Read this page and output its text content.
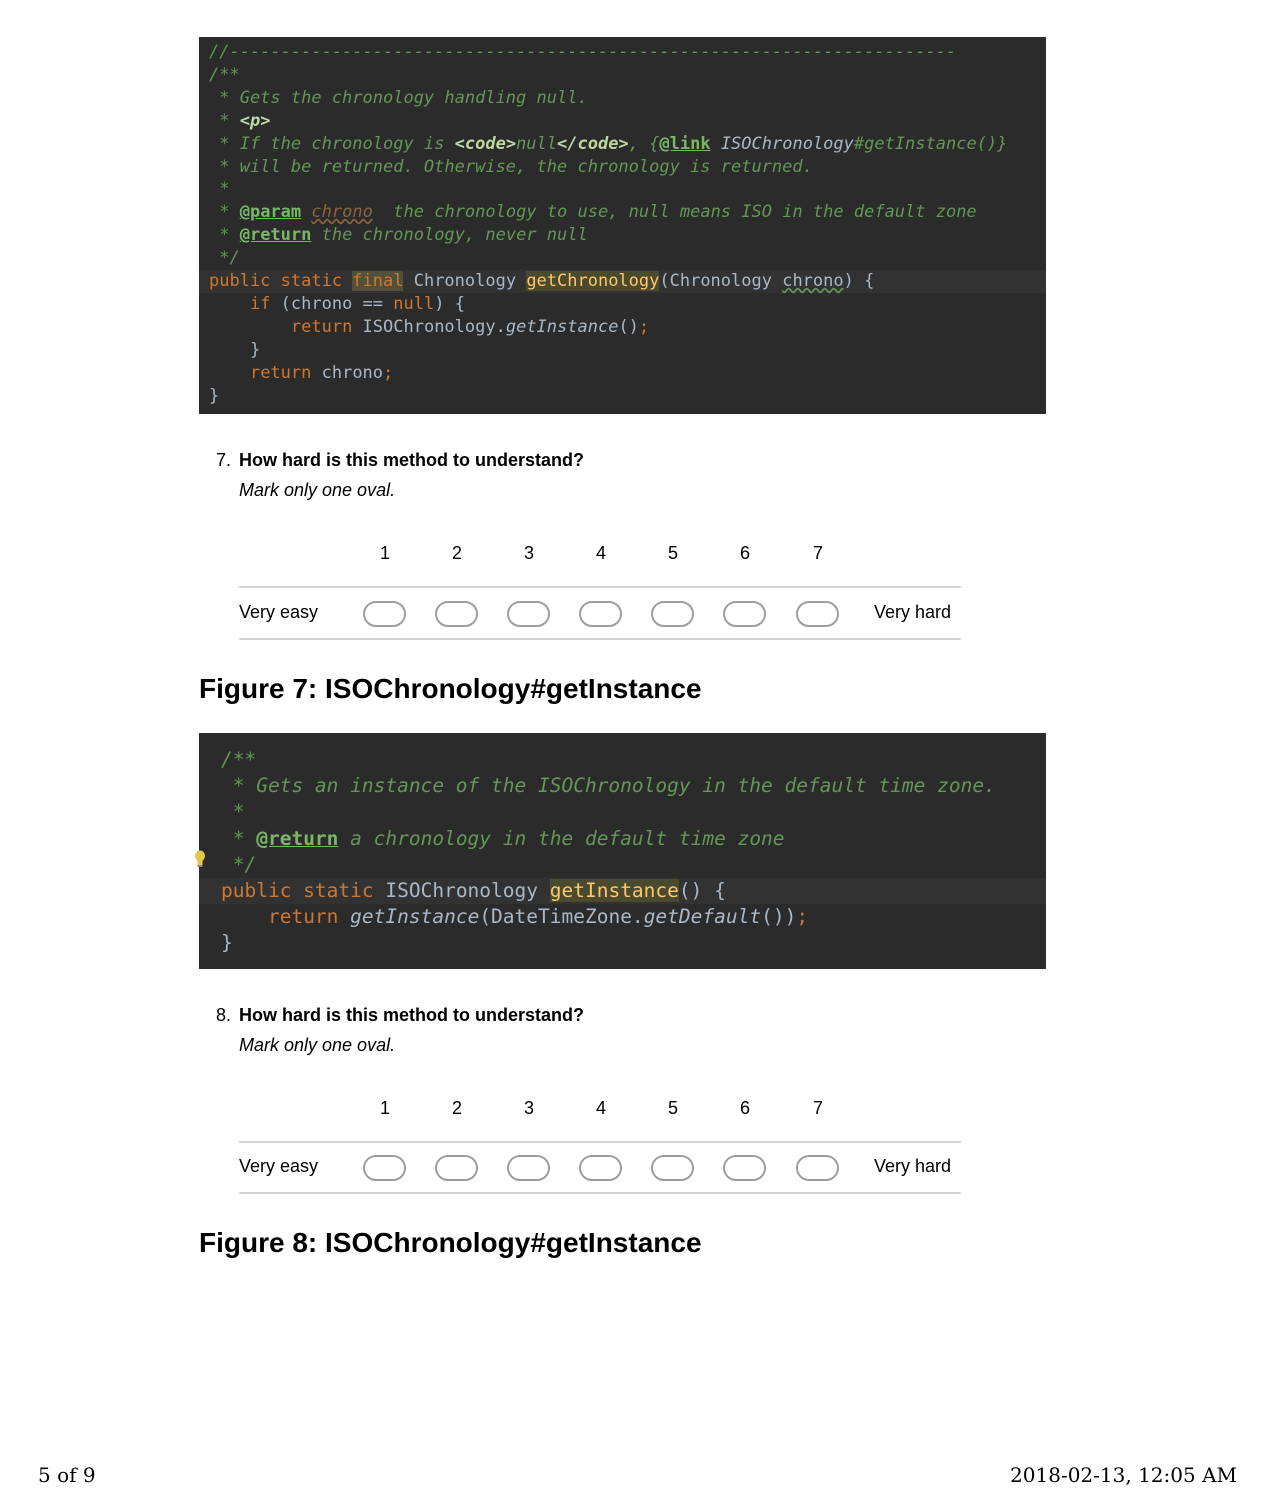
//-----------------------------------------------------------------------
/**
* Gets the chronology handling null.
* <p>
* If the chronology is <code>null</code>, {@link ISOChronology#getInstance()}
* will be returned. Otherwise, the chronology is returned.
*
* @param chrono  the chronology to use, null means ISO in the default zone
* @return the chronology, never null
*/
public static final Chronology getChronology(Chronology chrono) {
if (chrono == null) {
return ISOChronology.getInstance();
}
return chrono;
}
7. How hard is this method to understand?
Mark only one oval.
1	2	3	4	5	6	7
Very easy	Very hard
Figure 7: ISOChronology#getInstance
/**
* Gets an instance of the ISOChronology in the default time zone.
*
* @return a chronology in the default time zone
*/
public static ISOChronology getInstance() {
return getInstance(DateTimeZone.getDefault());
}
8. How hard is this method to understand?
Mark only one oval.
1	2	3	4	5	6	7
Very easy	Very hard
Figure 8: ISOChronology#getInstance
5 of 9	2018-02-13, 12:05 AM
